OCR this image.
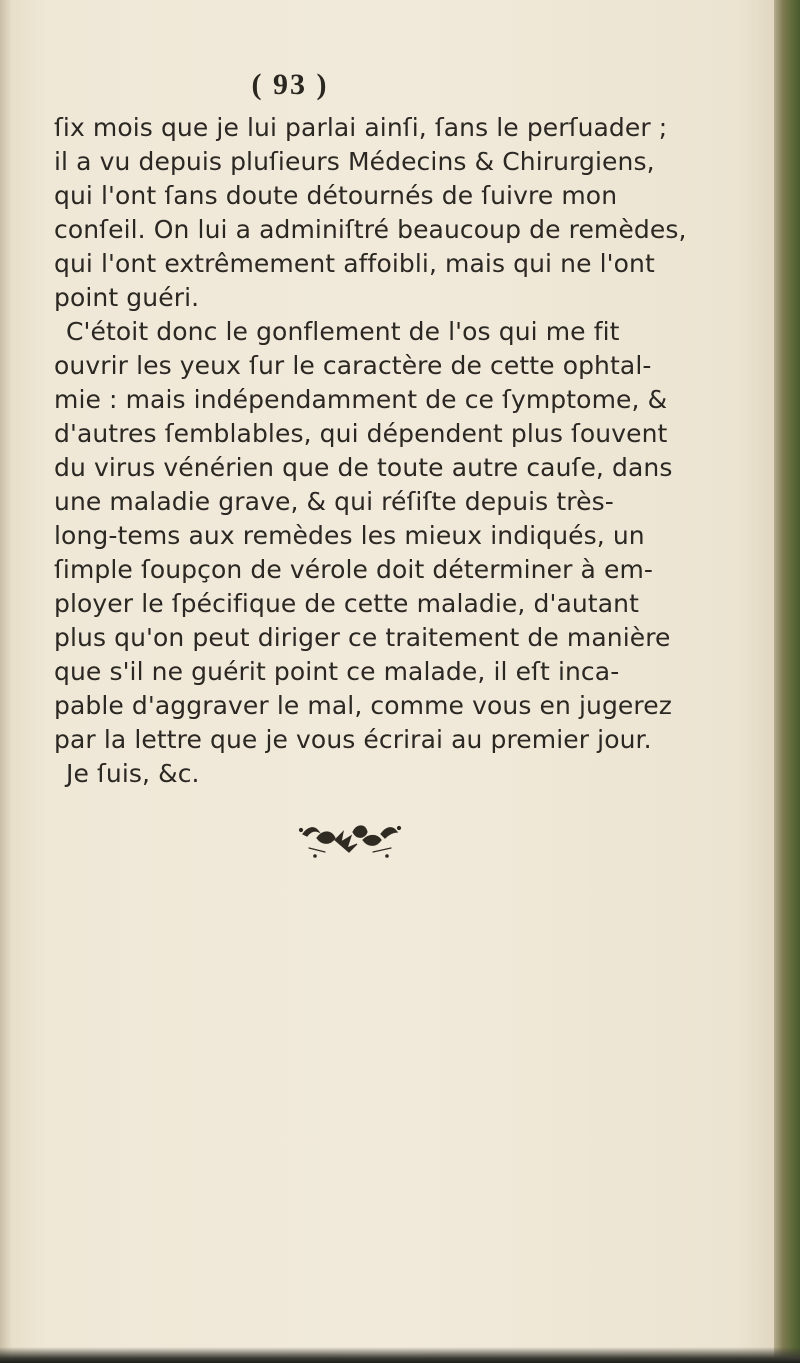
( 93 )
ſix mois que je lui parlai ainſi, ſans le perſuader ;
il a vu depuis pluſieurs Médecins & Chirurgiens,
qui l'ont ſans doute détournés de ſuivre mon
conſeil. On lui a adminiſtré beaucoup de remèdes,
qui l'ont extrêmement affoibli, mais qui ne l'ont
point guéri.
C'étoit donc le gonflement de l'os qui me fit
ouvrir les yeux ſur le caractère de cette ophtal-
mie : mais indépendamment de ce ſymptome, &
d'autres ſemblables, qui dépendent plus ſouvent
du virus vénérien que de toute autre cauſe, dans
une maladie grave, & qui réſiſte depuis très-
long-tems aux remèdes les mieux indiqués, un
ſimple ſoupçon de vérole doit déterminer à em-
ployer le ſpécifique de cette maladie, d'autant
plus qu'on peut diriger ce traitement de manière
que s'il ne guérit point ce malade, il eſt inca-
pable d'aggraver le mal, comme vous en jugerez
par la lettre que je vous écrirai au premier jour.
Je ſuis, &c.
